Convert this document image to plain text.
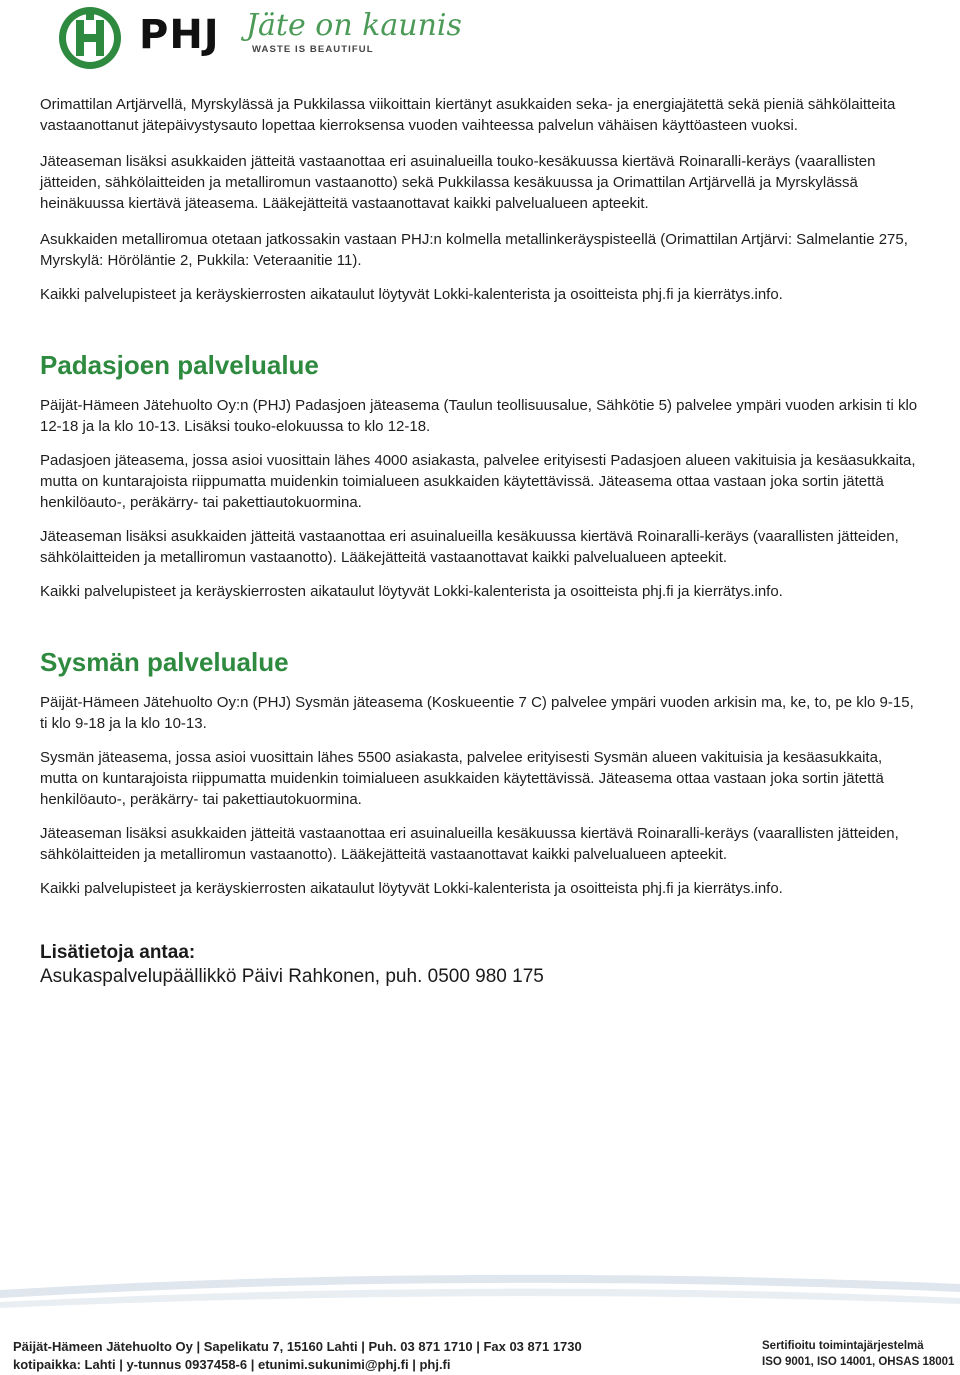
PHJ Jäte on kaunis
WASTE IS BEAUTIFUL

Orimattilan Artjärvellä, Myrskylässä ja Pukkilassa viikoittain kiertänyt asukkaiden seka- ja energiajätettä sekä pieniä sähkölaitteita vastaanottanut jätepäivystysauto lopettaa kierroksensa vuoden vaihteessa palvelun vähäisen käyttöasteen vuoksi.

Jäteaseman lisäksi asukkaiden jätteitä vastaanottaa eri asuinalueilla touko-kesäkuussa kiertävä Roinaralli-keräys (vaarallisten jätteiden, sähkölaitteiden ja metalliromun vastaanotto) sekä Pukkilassa kesäkuussa ja Orimattilan Artjärvellä ja Myrskylässä heinäkuussa kiertävä jäteasema. Lääkejätteitä vastaanottavat kaikki palvelualueen apteekit.

Asukkaiden metalliromua otetaan jatkossakin vastaan PHJ:n kolmella metallinkeräyspisteellä (Orimattilan Artjärvi: Salmelantie 275, Myrskylä: Höröläntie 2, Pukkila: Veteraanitie 11).

Kaikki palvelupisteet ja keräyskierrosten aikataulut löytyvät Lokki-kalenterista ja osoitteista phj.fi ja kierrätys.info.

Padasjoen palvelualue

Päijät-Hämeen Jätehuolto Oy:n (PHJ) Padasjoen jäteasema (Taulun teollisuusalue, Sähkötie 5) palvelee ympäri vuoden arkisin ti klo 12-18 ja la klo 10-13. Lisäksi touko-elokuussa to klo 12-18.

Padasjoen jäteasema, jossa asioi vuosittain lähes 4000 asiakasta, palvelee erityisesti Padasjoen alueen vakituisia ja kesäasukkaita, mutta on kuntarajoista riippumatta muidenkin toimialueen asukkaiden käytettävissä. Jäteasema ottaa vastaan joka sortin jätettä henkilöauto-, peräkärry- tai pakettiautokuormina.

Jäteaseman lisäksi asukkaiden jätteitä vastaanottaa eri asuinalueilla kesäkuussa kiertävä Roinaralli-keräys (vaarallisten jätteiden, sähkölaitteiden ja metalliromun vastaanotto). Lääkejätteitä vastaanottavat kaikki palvelualueen apteekit.

Kaikki palvelupisteet ja keräyskierrosten aikataulut löytyvät Lokki-kalenterista ja osoitteista phj.fi ja kierrätys.info.

Sysmän palvelualue

Päijät-Hämeen Jätehuolto Oy:n (PHJ) Sysmän jäteasema (Koskueentie 7 C) palvelee ympäri vuoden arkisin ma, ke, to, pe klo 9-15, ti klo 9-18 ja la klo 10-13.

Sysmän jäteasema, jossa asioi vuosittain lähes 5500 asiakasta, palvelee erityisesti Sysmän alueen vakituisia ja kesäasukkaita, mutta on kuntarajoista riippumatta muidenkin toimialueen asukkaiden käytettävissä. Jäteasema ottaa vastaan joka sortin jätettä henkilöauto-, peräkärry- tai pakettiautokuormina.

Jäteaseman lisäksi asukkaiden jätteitä vastaanottaa eri asuinalueilla kesäkuussa kiertävä Roinaralli-keräys (vaarallisten jätteiden, sähkölaitteiden ja metalliromun vastaanotto). Lääkejätteitä vastaanottavat kaikki palvelualueen apteekit.

Kaikki palvelupisteet ja keräyskierrosten aikataulut löytyvät Lokki-kalenterista ja osoitteista phj.fi ja kierrätys.info.

Lisätietoja antaa:

Asukaspalvelupäällikkö Päivi Rahkonen, puh. 0500 980 175

Päijät-Hämeen Jätehuolto Oy | Sapelikatu 7, 15160 Lahti | Puh. 03 871 1710 | Fax 03 871 1730
kotipaikka: Lahti | y-tunnus 0937458-6 | etunimi.sukunimi@phj.fi | phj.fi
Sertifioitu toimintajärjestelmä
ISO 9001, ISO 14001, OHSAS 18001
